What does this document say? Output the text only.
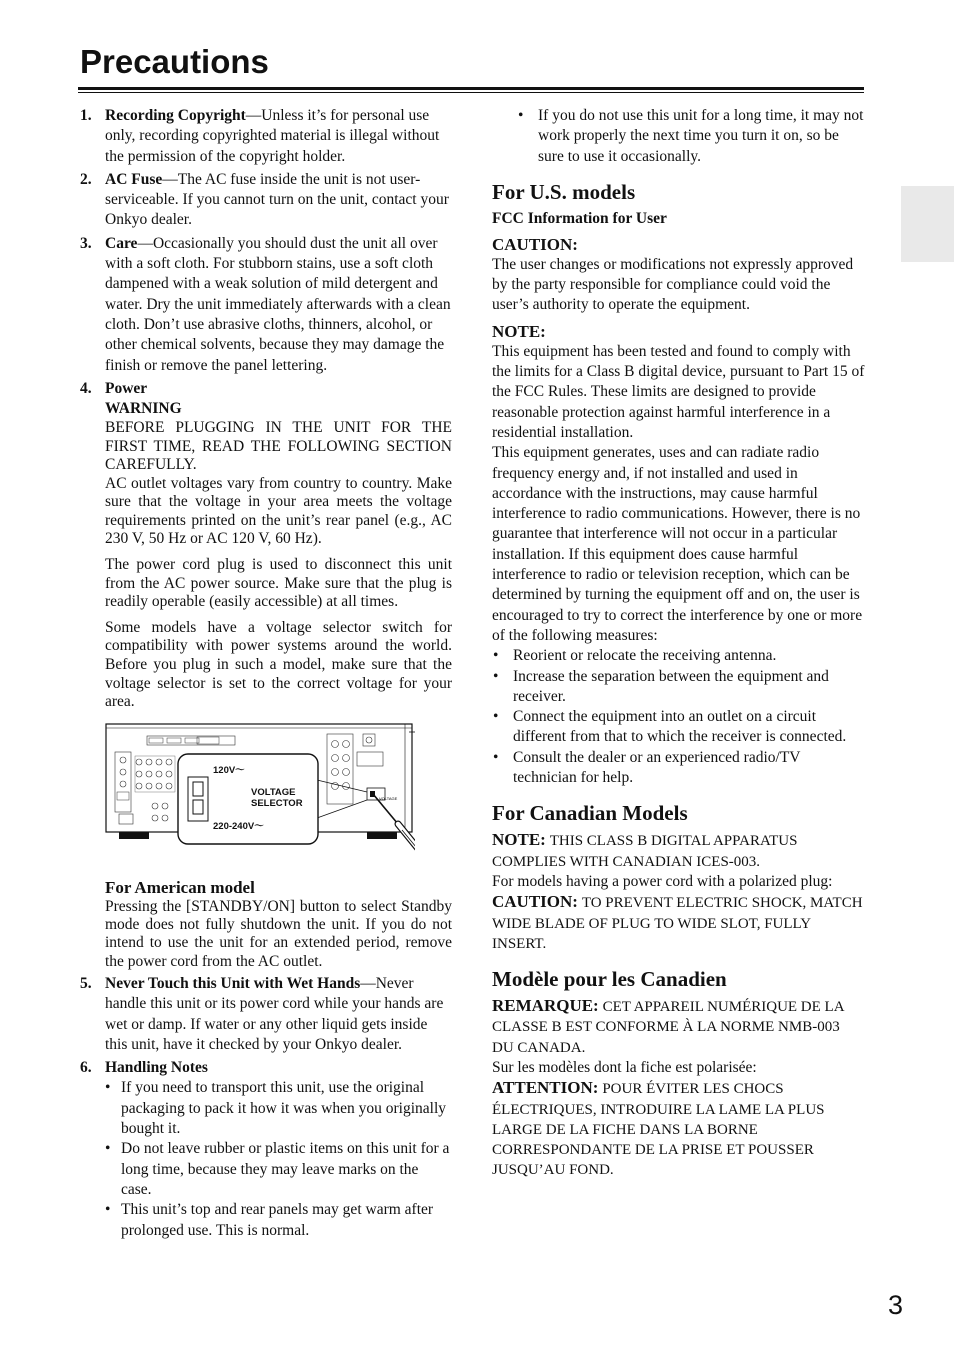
Precautions
1. Recording Copyright—Unless it’s for personal use only, recording copyrighted material is illegal without the permission of the copyright holder.
2. AC Fuse—The AC fuse inside the unit is not user-serviceable. If you cannot turn on the unit, contact your Onkyo dealer.
3. Care—Occasionally you should dust the unit all over with a soft cloth. For stubborn stains, use a soft cloth dampened with a weak solution of mild detergent and water. Dry the unit immediately afterwards with a clean cloth. Don’t use abrasive cloths, thinners, alcohol, or other chemical solvents, because they may damage the finish or remove the panel lettering.
4. Power
WARNING
BEFORE PLUGGING IN THE UNIT FOR THE FIRST TIME, READ THE FOLLOWING SECTION CAREFULLY.
AC outlet voltages vary from country to country. Make sure that the voltage in your area meets the voltage requirements printed on the unit’s rear panel (e.g., AC 230 V, 50 Hz or AC 120 V, 60 Hz).
The power cord plug is used to disconnect this unit from the AC power source. Make sure that the plug is readily operable (easily accessible) at all times.
Some models have a voltage selector switch for compatibility with power systems around the world. Before you plug in such a model, make sure that the voltage selector is set to the correct voltage for your area.
VOLTAGE
120V～
VOLTAGE
SELECTOR
220-240V～
For American model
Pressing the [STANDBY/ON] button to select Standby mode does not fully shutdown the unit. If you do not intend to use the unit for an extended period, remove the power cord from the AC outlet.
5. Never Touch this Unit with Wet Hands—Never handle this unit or its power cord while your hands are wet or damp. If water or any other liquid gets inside this unit, have it checked by your Onkyo dealer.
6. Handling Notes
• If you need to transport this unit, use the original packaging to pack it how it was when you originally bought it.
• Do not leave rubber or plastic items on this unit for a long time, because they may leave marks on the case.
• This unit’s top and rear panels may get warm after prolonged use. This is normal.
• If you do not use this unit for a long time, it may not work properly the next time you turn it on, so be sure to use it occasionally.
For U.S. models
FCC Information for User
CAUTION:
The user changes or modifications not expressly approved by the party responsible for compliance could void the user’s authority to operate the equipment.
NOTE:
This equipment has been tested and found to comply with the limits for a Class B digital device, pursuant to Part 15 of the FCC Rules. These limits are designed to provide reasonable protection against harmful interference in a residential installation.
This equipment generates, uses and can radiate radio frequency energy and, if not installed and used in accordance with the instructions, may cause harmful interference to radio communications. However, there is no guarantee that interference will not occur in a particular installation. If this equipment does cause harmful interference to radio or television reception, which can be determined by turning the equipment off and on, the user is encouraged to try to correct the interference by one or more of the following measures:
• Reorient or relocate the receiving antenna.
• Increase the separation between the equipment and receiver.
• Connect the equipment into an outlet on a circuit different from that to which the receiver is connected.
• Consult the dealer or an experienced radio/TV technician for help.
For Canadian Models
NOTE: THIS CLASS B DIGITAL APPARATUS COMPLIES WITH CANADIAN ICES-003.
For models having a power cord with a polarized plug:
CAUTION: TO PREVENT ELECTRIC SHOCK, MATCH WIDE BLADE OF PLUG TO WIDE SLOT, FULLY INSERT.
Modèle pour les Canadien
REMARQUE: CET APPAREIL NUMÉRIQUE DE LA CLASSE B EST CONFORME À LA NORME NMB-003 DU CANADA.
Sur les modèles dont la fiche est polarisée:
ATTENTION: POUR ÉVITER LES CHOCS ÉLECTRIQUES, INTRODUIRE LA LAME LA PLUS LARGE DE LA FICHE DANS LA BORNE CORRESPONDANTE DE LA PRISE ET POUSSER JUSQU’AU FOND.
3
